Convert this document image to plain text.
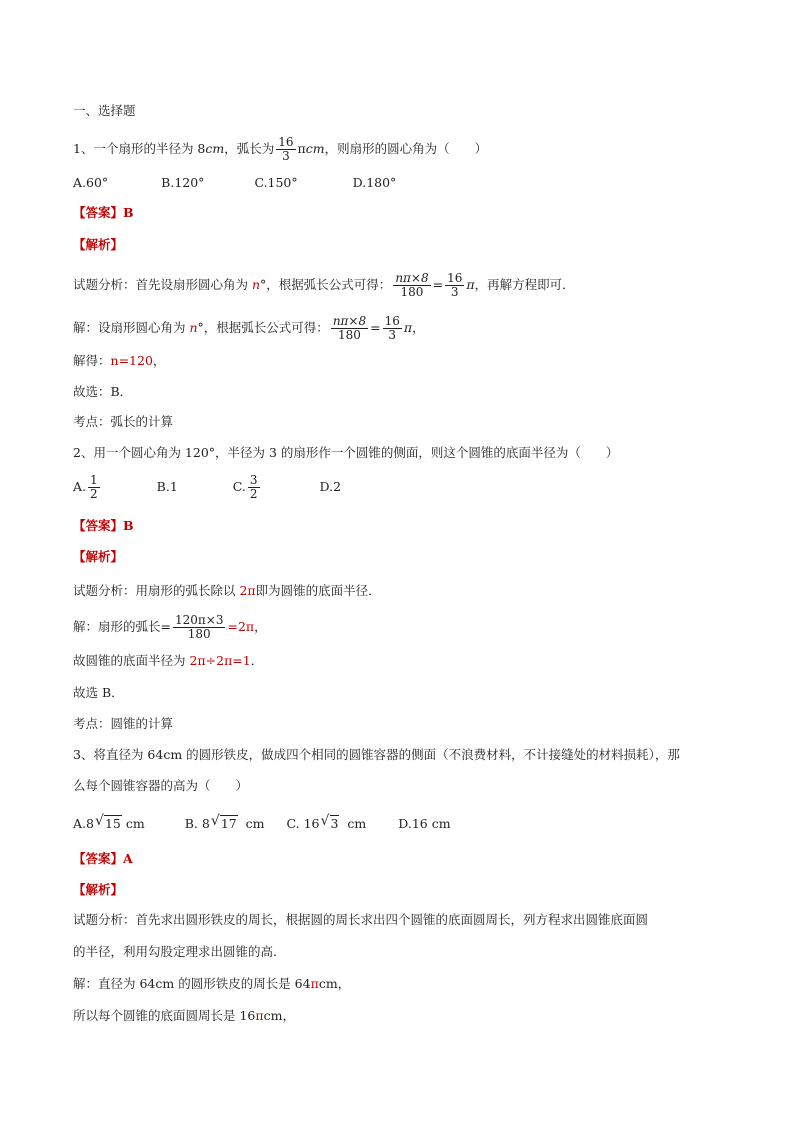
一、选择题
1、一个扇形的半径为 8cm，弧长为 $\frac{16}{3}$ πcm，则扇形的圆心角为（　　）
A.60°	B.120°	C.150°	D.180°
【答案】B
【解析】
试题分析：首先设扇形圆心角为 n°，根据弧长公式可得： $\frac{n\pi\times 8}{180} = \frac{16}{3}$ π，再解方程即可．
解：设扇形圆心角为 n°，根据弧长公式可得： $\frac{n\pi\times 8}{180} = \frac{16}{3}$ π，
解得：n=120，
故选：B．
考点：弧长的计算
2、用一个圆心角为 120°，半径为 3 的扇形作一个圆锥的侧面，则这个圆锥的底面半径为（　　）
A. $\frac{1}{2}$	B.1	C. $\frac{3}{2}$	D.2
【答案】B
【解析】
试题分析：用扇形的弧长除以 2π即为圆锥的底面半径．
解：扇形的弧长= $\frac{120\pi\times 3}{180} =2\pi$，
故圆锥的底面半径为 2π÷2π=1．
故选 B．
考点：圆锥的计算
3、将直径为 64cm 的圆形铁皮，做成四个相同的圆锥容器的侧面（不浪费材料，不计接缝处的材料损耗），那
么每个圆锥容器的高为（　　）
A.8 √ 15 cm	B. 8 √ 17 cm C. 16 √ 3 cm	D.16 cm
【答案】A
【解析】
试题分析：首先求出圆形铁皮的周长，根据圆的周长求出四个圆锥的底面圆周长，列方程求出圆锥底面圆
的半径，利用勾股定理求出圆锥的高.
解：直径为 64cm 的圆形铁皮的周长是 64πcm，
所以每个圆锥的底面圆周长是 16πcm，
